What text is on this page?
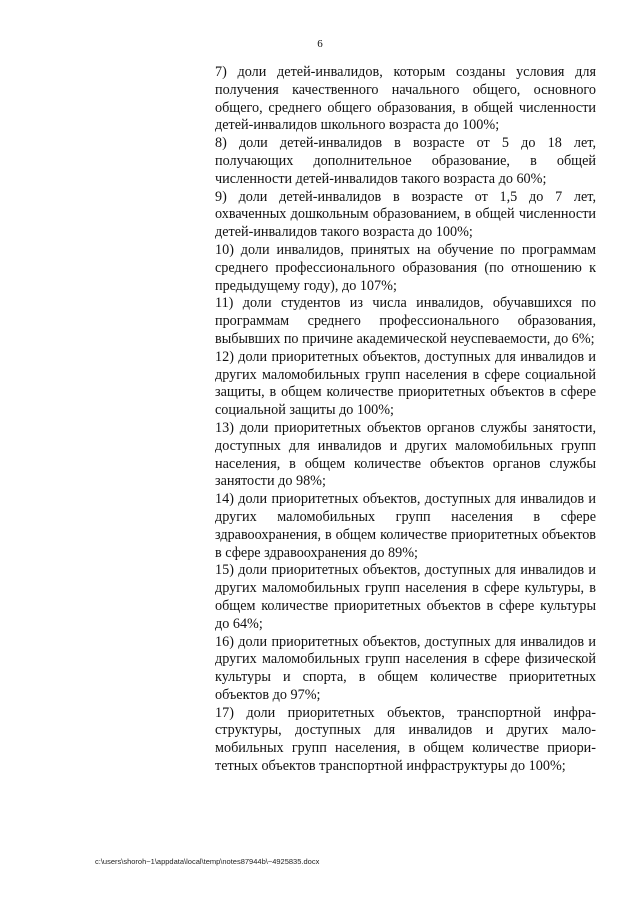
6

7) доли детей-инвалидов, которым созданы условия для получения качественного начального общего, основного общего, среднего общего образования, в общей численности детей-инвалидов школьного возраста до 100%;

8) доли детей-инвалидов в возрасте от 5 до 18 лет, получающих дополнительное образование, в общей численности детей-инвалидов такого возраста до 60%;

9) доли детей-инвалидов в возрасте от 1,5 до 7 лет, охваченных дошкольным образованием, в общей численности детей-инвалидов такого возраста до 100%;

10) доли инвалидов, принятых на обучение по программам среднего профессионального образования (по отношению к предыдущему году), до 107%;

11) доли студентов из числа инвалидов, обучавшихся по программам среднего профессионального образования, выбывших по причине академической неуспеваемости, до 6%;

12) доли приоритетных объектов, доступных для инвалидов и других маломобильных групп населения в сфере социальной защиты, в общем количестве приоритетных объектов в сфере социальной защиты до 100%;

13) доли приоритетных объектов органов службы занятости, доступных для инвалидов и других маломобильных групп населения, в общем количестве объектов органов службы занятости до 98%;

14) доли приоритетных объектов, доступных для инвалидов и других маломобильных групп населения в сфере здравоохранения, в общем количестве приоритетных объектов в сфере здравоохранения до 89%;

15) доли приоритетных объектов, доступных для инвалидов и других маломобильных групп населения в сфере культуры, в общем количестве приоритетных объектов в сфере культуры до 64%;

16) доли приоритетных объектов, доступных для инвалидов и других маломобильных групп населения в сфере физической культуры и спорта, в общем количестве приоритетных объектов до 97%;

17) доли приоритетных объектов, транспортной инфраструктуры, доступных для инвалидов и других маломобильных групп населения, в общем количестве приоритетных объектов транспортной инфраструктуры до 100%;

c:\users\shoroh~1\appdata\local\temp\notes87944b\~4925835.docx
